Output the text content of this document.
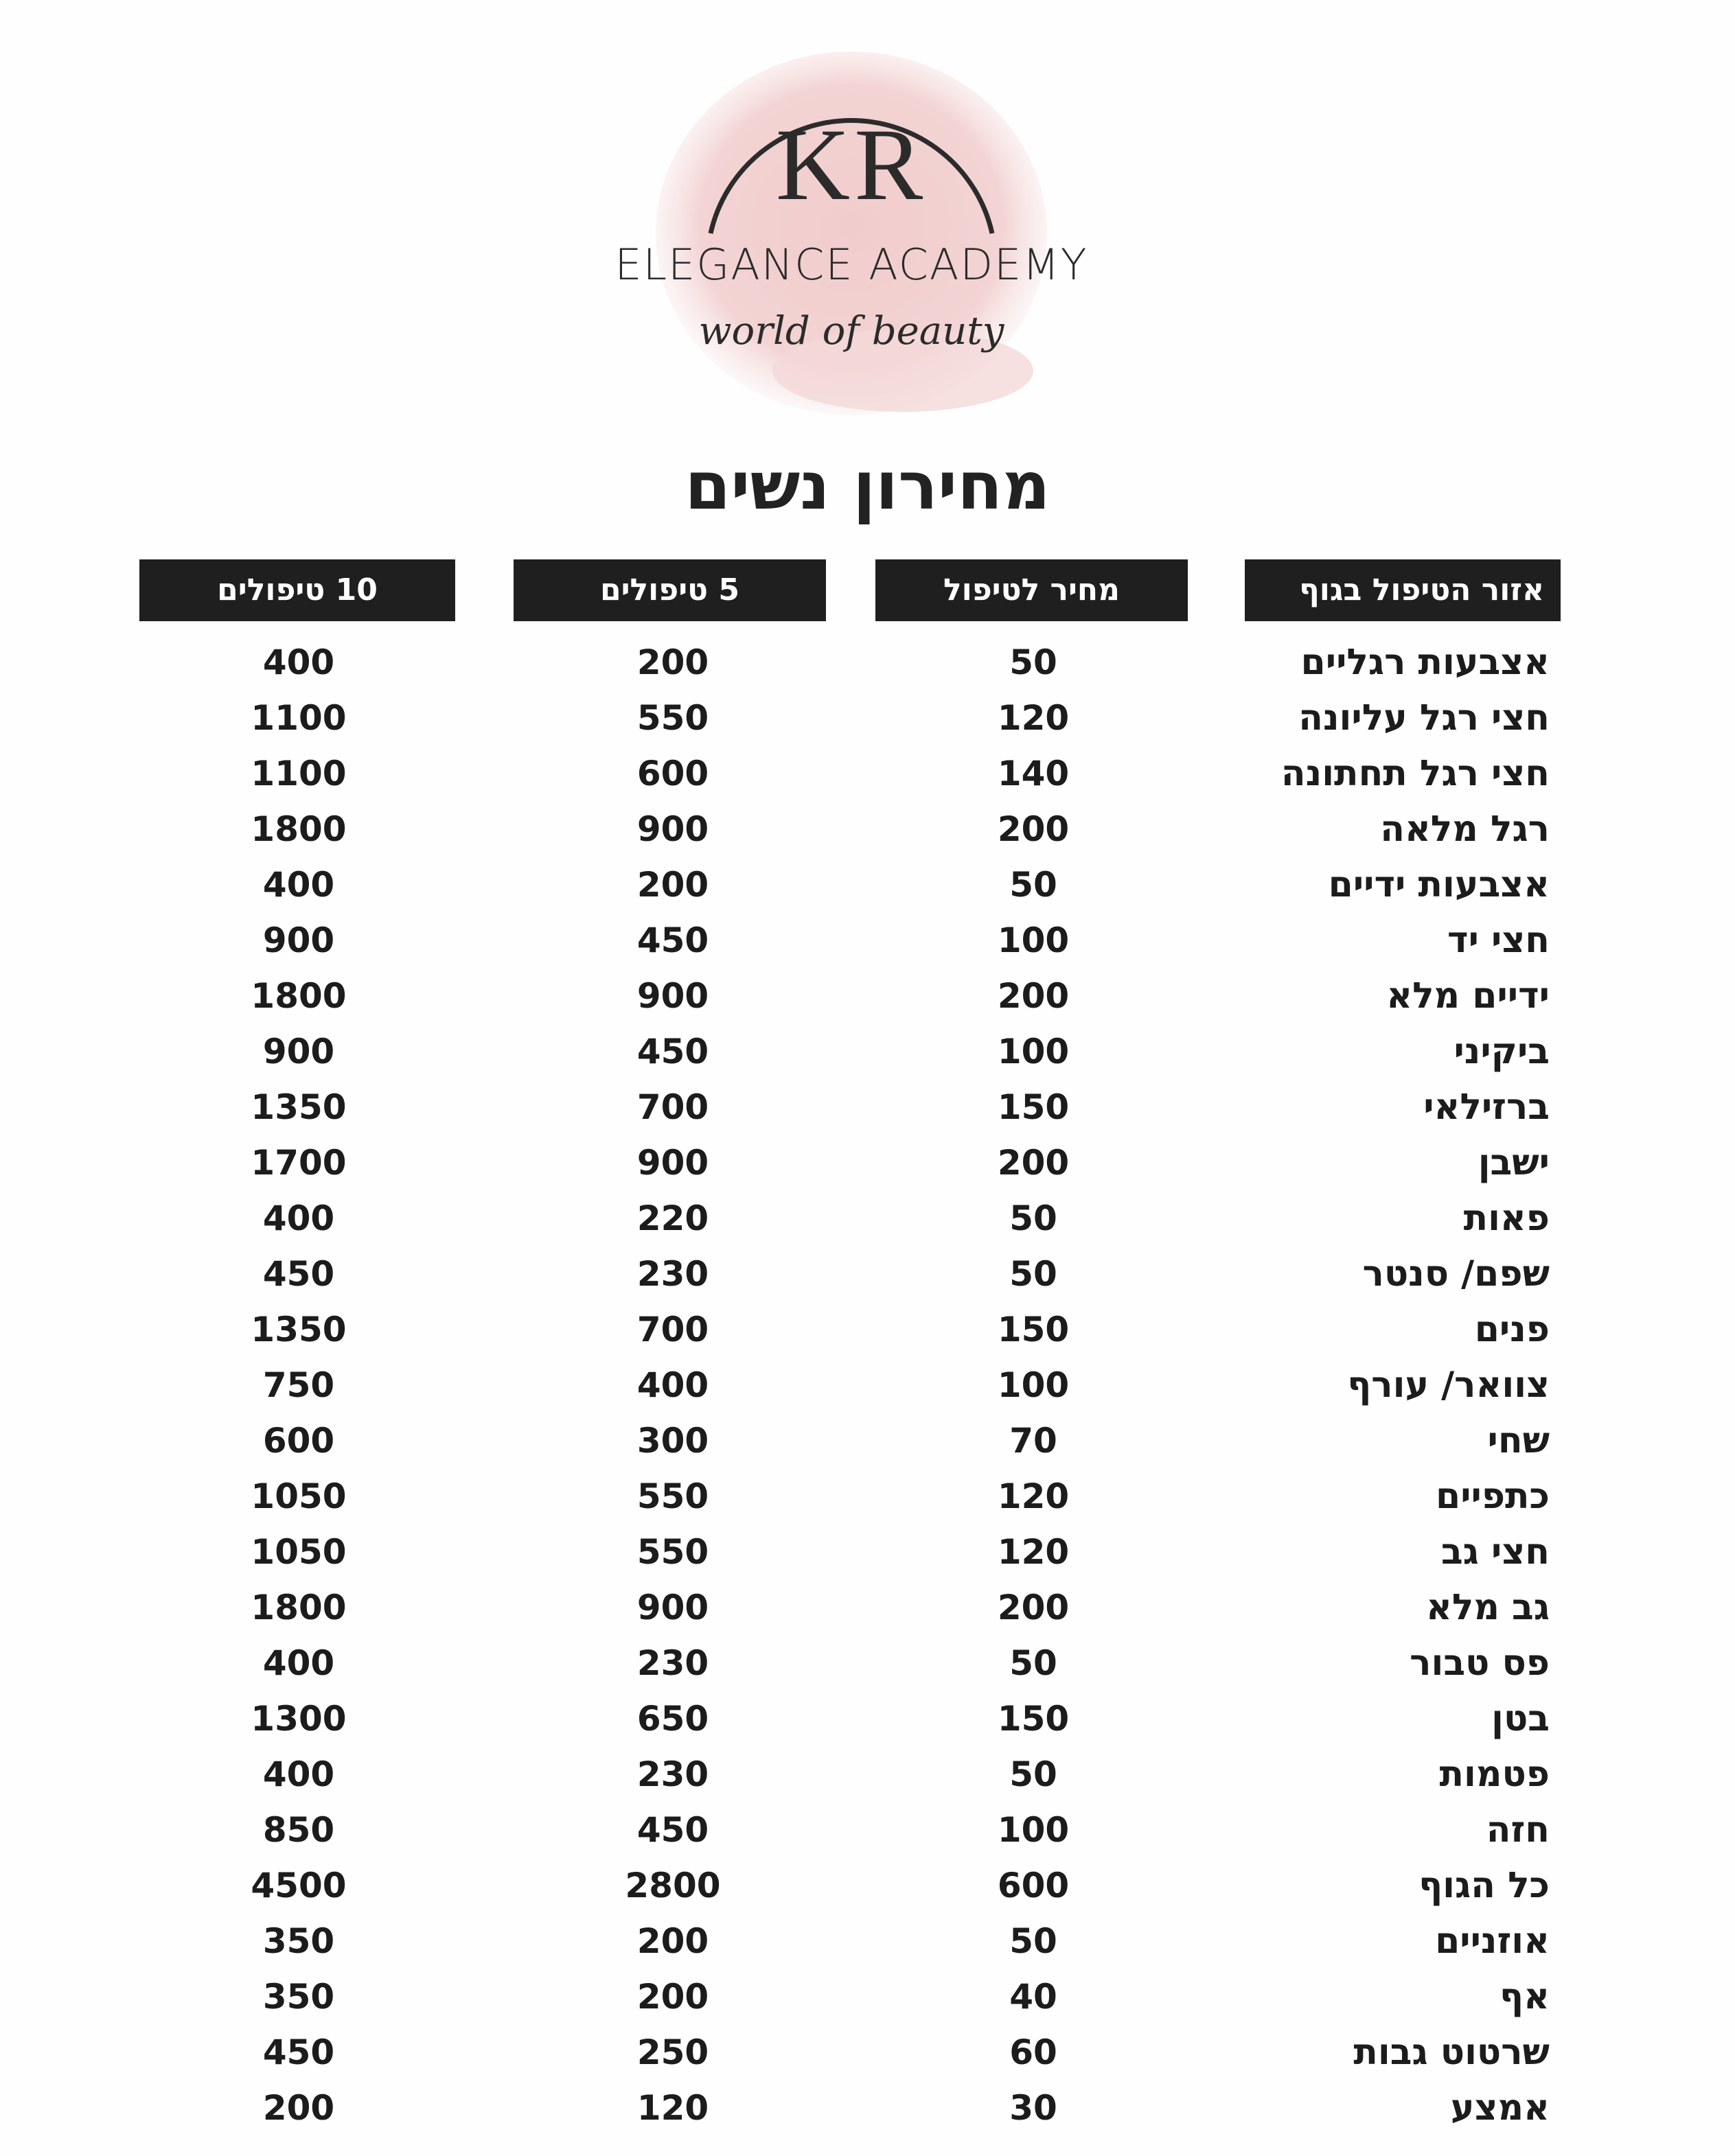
KR
ELEGANCE ACADEMY
world of beauty
מחירון נשים
אזור הטיפול בגוף
מחיר לטיפול
5 טיפולים
10 טיפולים
אצבעות רגליים
50
200
400
חצי רגל עליונה
120
550
1100
חצי רגל תחתונה
140
600
1100
רגל מלאה
200
900
1800
אצבעות ידיים
50
200
400
חצי יד
100
450
900
ידיים מלא
200
900
1800
ביקיני
100
450
900
ברזילאי
150
700
1350
ישבן
200
900
1700
פאות
50
220
400
שפם/ סנטר
50
230
450
פנים
150
700
1350
צוואר/ עורף
100
400
750
שחי
70
300
600
כתפיים
120
550
1050
חצי גב
120
550
1050
גב מלא
200
900
1800
פס טבור
50
230
400
בטן
150
650
1300
פטמות
50
230
400
חזה
100
450
850
כל הגוף
600
2800
4500
אוזניים
50
200
350
אף
40
200
350
שרטוט גבות
60
250
450
אמצע
30
120
200
